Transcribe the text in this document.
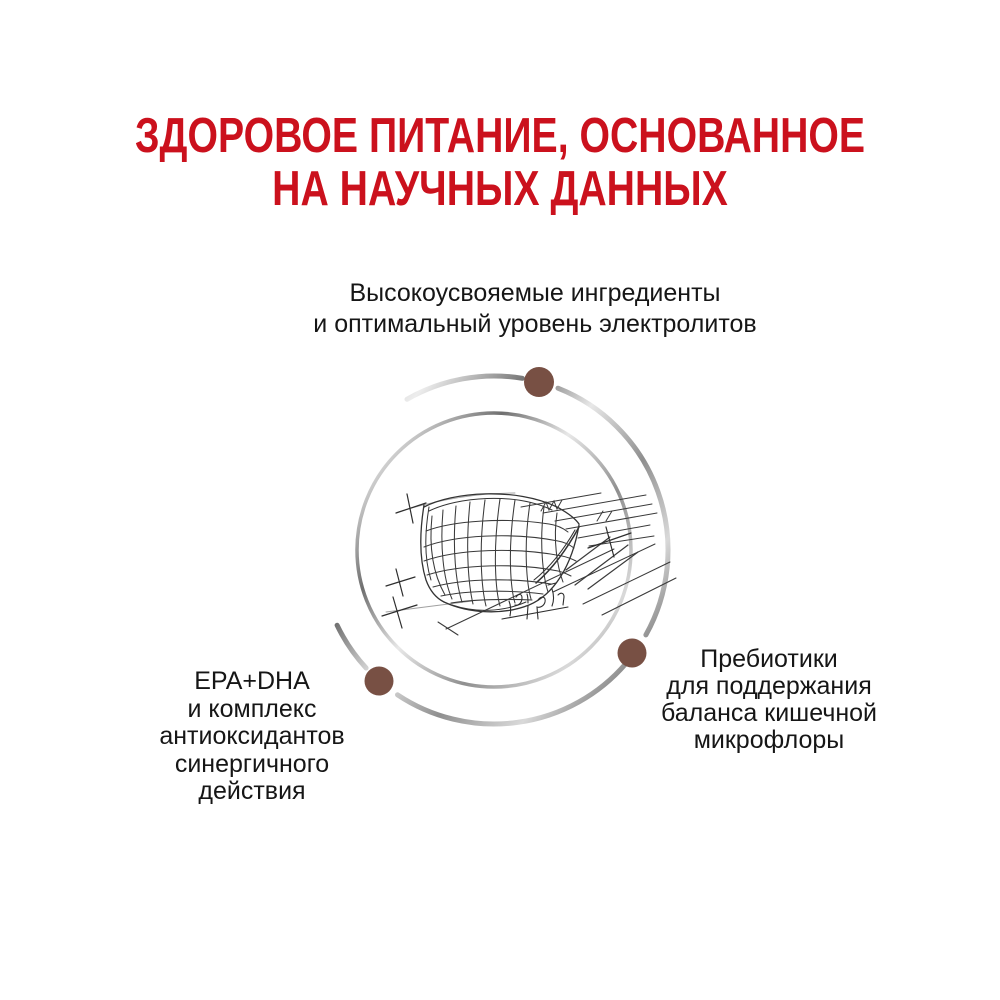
ЗДОРОВОЕ ПИТАНИЕ, ОСНОВАННОЕ
НА НАУЧНЫХ ДАННЫХ
Высокоусвояемые ингредиенты
и оптимальный уровень электролитов
EPA+DHA
и комплекс
антиоксидантов
синергичного
действия
Пребиотики
для поддержания
баланса кишечной
микрофлоры
